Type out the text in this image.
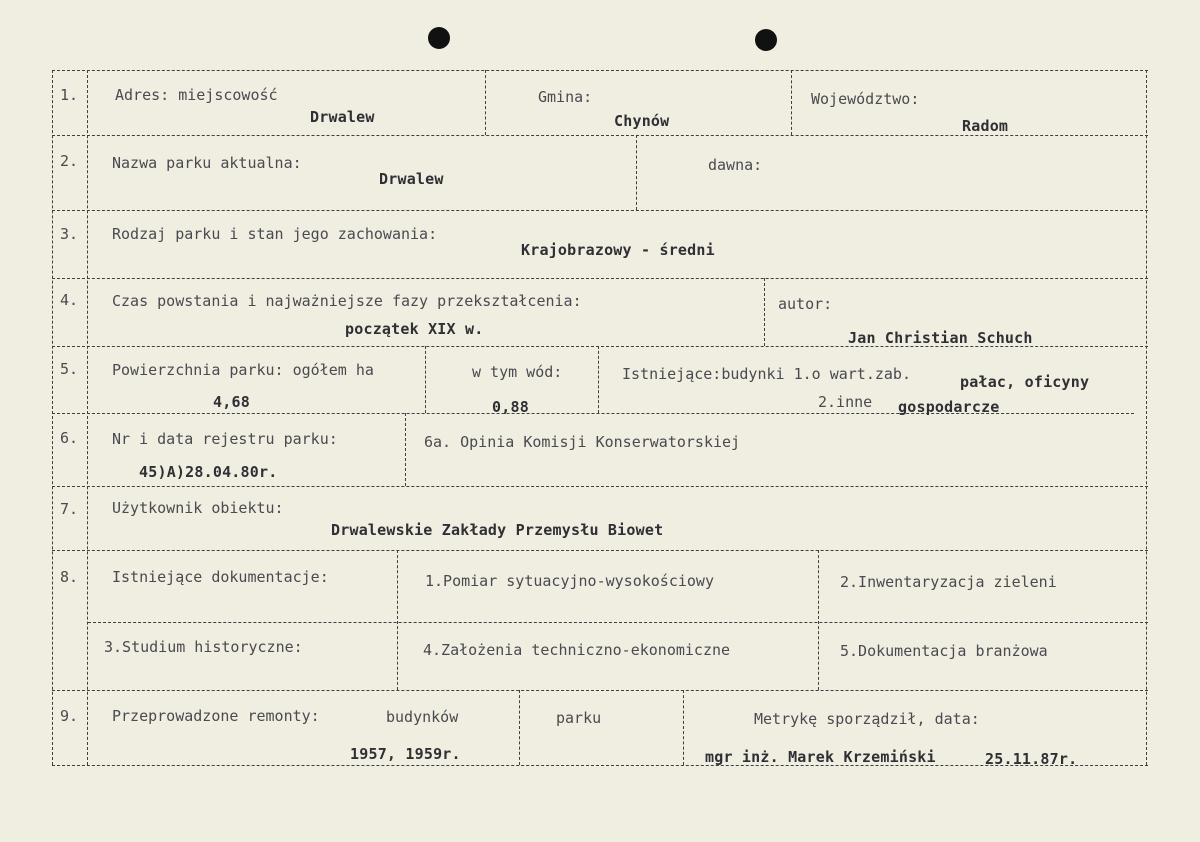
1. Adres: miejscowość
Drwalew
Gmina:
Chynów
Województwo:
Radom
2. Nazwa parku aktualna:
Drwalew
dawna:
3. Rodzaj parku i stan jego zachowania:
Krajobrazowy - średni
4. Czas powstania i najważniejsze fazy przekształcenia:
początek XIX w.
autor:
Jan Christian Schuch
5. Powierzchnia parku: ogółem ha
4,68
w tym wód:
0,88
Istniejące:budynki 1.o wart.zab.	pałac, oficyny
2.inne gospodarcze
6. Nr i data rejestru parku:
45)A)28.04.80r.
6a. Opinia Komisji Konserwatorskiej
7. Użytkownik obiektu:
Drwalewskie Zakłady Przemysłu Biowet
8. Istniejące dokumentacje:	1.Pomiar sytuacyjno-wysokościowy	2.Inwentaryzacja zieleni
3.Studium historyczne:	4.Założenia techniczno-ekonomiczne	5.Dokumentacja branżowa
9. Przeprowadzone remonty:	budynków
1957, 1959r.
parku	Metrykę sporządził, data:
mgr inż. Marek Krzemiński	25.11.87r.
